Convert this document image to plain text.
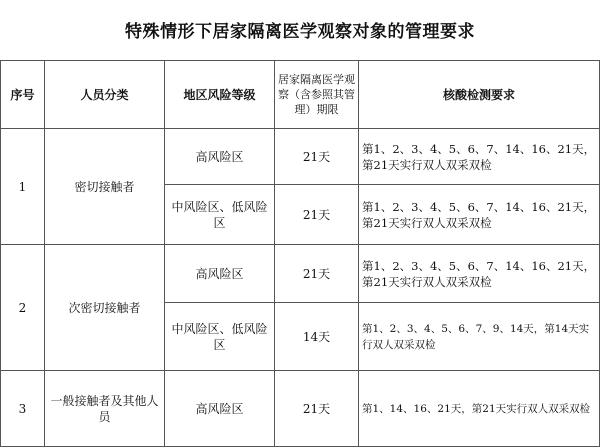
特殊情形下居家隔离医学观察对象的管理要求
序号	人员分类	地区风险等级	居家隔离医学观察（含参照其管理）期限	核酸检测要求
1	密切接触者	高风险区	21天	第1、2、3、4、5、6、7、14、16、21天，第21天实行双人双采双检
		中风险区、低风险区	21天	第1、2、3、4、5、6、7、14、16、21天，第21天实行双人双采双检
2	次密切接触者	高风险区	21天	第1、2、3、4、5、6、7、14、16、21天，第21天实行双人双采双检
		中风险区、低风险区	14天	第1、2、3、4、5、6、7、9、14天，第14天实行双人双采双检
3	一般接触者及其他人员	高风险区	21天	第1、14、16、21天，第21天实行双人双采双检
